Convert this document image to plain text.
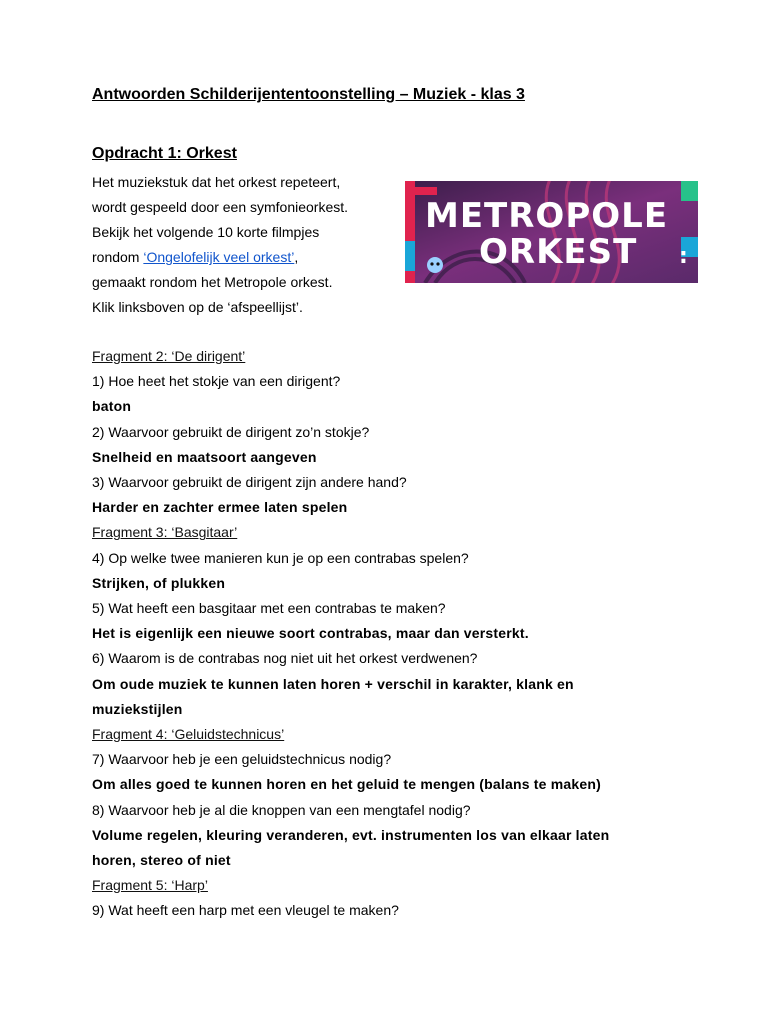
Antwoorden Schilderijententoonstelling – Muziek - klas 3
Opdracht 1: Orkest
Het muziekstuk dat het orkest repeteert,
wordt gespeeld door een symfonieorkest.
Bekijk het volgende 10 korte filmpjes
rondom ‘Ongelofelijk veel orkest’,
gemaakt rondom het Metropole orkest.
Klik linksboven op de ‘afspeellijst’.
METROPOLE
ORKEST :
Fragment 2: ‘De dirigent’
1) Hoe heet het stokje van een dirigent?
baton
2) Waarvoor gebruikt de dirigent zo’n stokje?
Snelheid en maatsoort aangeven
3) Waarvoor gebruikt de dirigent zijn andere hand?
Harder en zachter ermee laten spelen
Fragment 3: ‘Basgitaar’
4) Op welke twee manieren kun je op een contrabas spelen?
Strijken, of plukken
5) Wat heeft een basgitaar met een contrabas te maken?
Het is eigenlijk een nieuwe soort contrabas, maar dan versterkt.
6) Waarom is de contrabas nog niet uit het orkest verdwenen?
Om oude muziek te kunnen laten horen + verschil in karakter, klank en
muziekstijlen
Fragment 4: ‘Geluidstechnicus’
7) Waarvoor heb je een geluidstechnicus nodig?
Om alles goed te kunnen horen en het geluid te mengen (balans te maken)
8) Waarvoor heb je al die knoppen van een mengtafel nodig?
Volume regelen, kleuring veranderen, evt. instrumenten los van elkaar laten
horen, stereo of niet
Fragment 5: ‘Harp’
9) Wat heeft een harp met een vleugel te maken?
